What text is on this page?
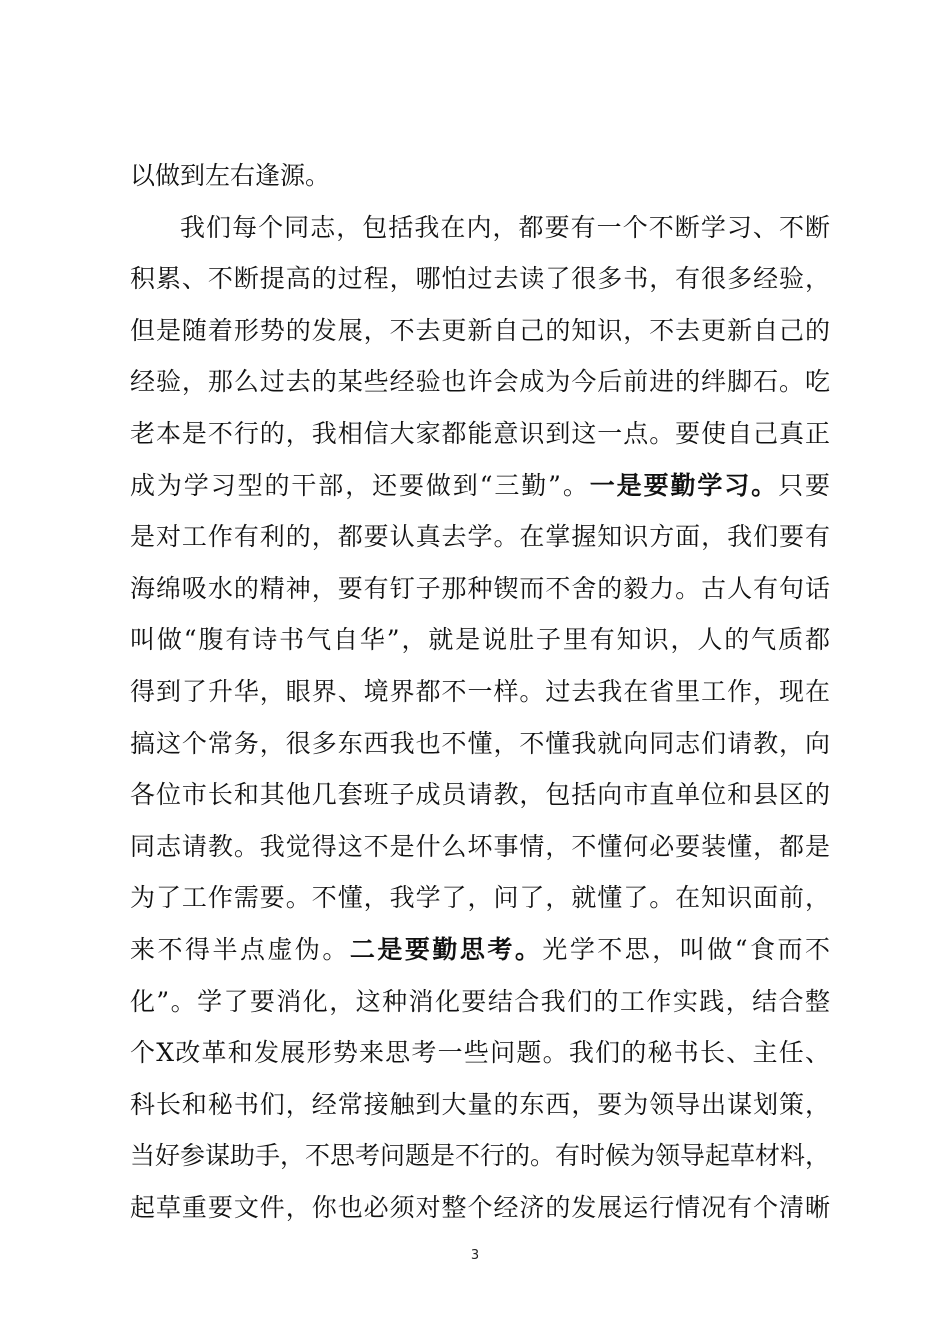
以做到左右逢源。
我们每个同志，包括我在内，都要有一个不断学习、不断
积累、不断提高的过程，哪怕过去读了很多书，有很多经验，
但是随着形势的发展，不去更新自己的知识，不去更新自己的
经验，那么过去的某些经验也许会成为今后前进的绊脚石。吃
老本是不行的，我相信大家都能意识到这一点。要使自己真正
成为学习型的干部，还要做到“三勤”。一是要勤学习。只要
是对工作有利的，都要认真去学。在掌握知识方面，我们要有
海绵吸水的精神，要有钉子那种锲而不舍的毅力。古人有句话
叫做“腹有诗书气自华”，就是说肚子里有知识，人的气质都
得到了升华，眼界、境界都不一样。过去我在省里工作，现在
搞这个常务，很多东西我也不懂，不懂我就向同志们请教，向
各位市长和其他几套班子成员请教，包括向市直单位和县区的
同志请教。我觉得这不是什么坏事情，不懂何必要装懂，都是
为了工作需要。不懂，我学了，问了，就懂了。在知识面前，
来不得半点虚伪。二是要勤思考。光学不思，叫做“食而不
化”。学了要消化，这种消化要结合我们的工作实践，结合整
个X改革和发展形势来思考一些问题。我们的秘书长、主任、
科长和秘书们，经常接触到大量的东西，要为领导出谋划策，
当好参谋助手，不思考问题是不行的。有时候为领导起草材料，
起草重要文件，你也必须对整个经济的发展运行情况有个清晰
3
